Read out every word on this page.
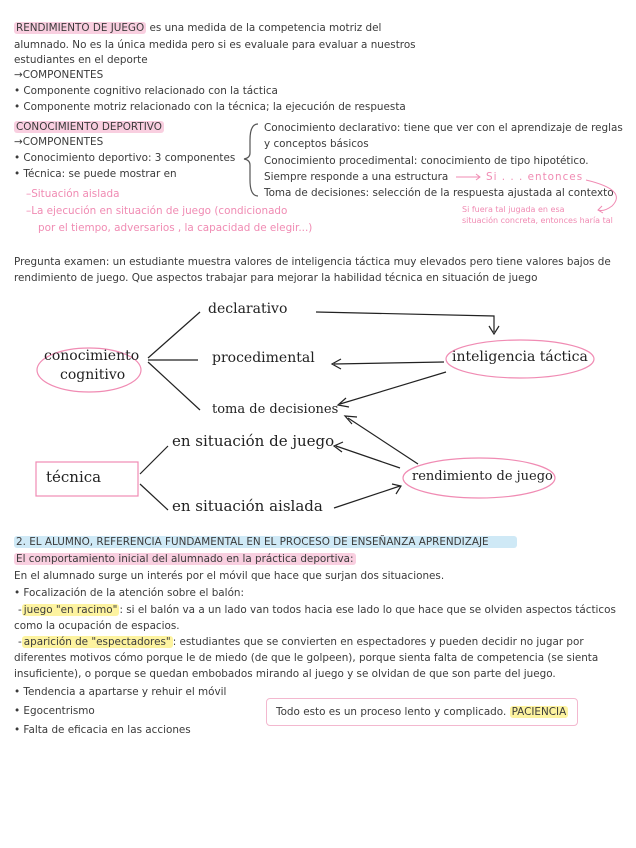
RENDIMIENTO DE JUEGO es una medida de la competencia motriz del
alumnado. No es la única medida pero si es evaluale para evaluar a nuestros
estudiantes en el deporte
→COMPONENTES
• Componente cognitivo relacionado con la táctica
• Componente motriz relacionado con la técnica; la ejecución de respuesta
CONOCIMIENTO DEPORTIVO
→COMPONENTES
• Conocimiento deportivo: 3 componentes
• Técnica: se puede mostrar en
Conocimiento declarativo: tiene que ver con el aprendizaje de reglas
y conceptos básicos
Conocimiento procedimental: conocimiento de tipo hipotético.
Siempre responde a una estructura	Si . . . entonces
Toma de decisiones: selección de la respuesta ajustada al contexto
Si fuera tal jugada en esa
situación concreta, entonces haría tal
–Situación aislada
–La ejecución en situación de juego (condicionado
por el tiempo, adversarios , la capacidad de elegir...)
Pregunta examen: un estudiante muestra valores de inteligencia táctica muy elevados pero tiene valores bajos de
rendimiento de juego. Que aspectos trabajar para mejorar la habilidad técnica en situación de juego
conocimiento
cognitivo
declarativo
procedimental
toma de decisiones
inteligencia táctica
técnica
en situación de juego
en situación aislada
rendimiento de juego
2. EL ALUMNO, REFERENCIA FUNDAMENTAL EN EL PROCESO DE ENSEÑANZA APRENDIZAJE
El comportamiento inicial del alumnado en la práctica deportiva:
En el alumnado surge un interés por el móvil que hace que surjan dos situaciones.
• Focalización de la atención sobre el balón:
- juego "en racimo" : si el balón va a un lado van todos hacia ese lado lo que hace que se olviden aspectos tácticos
como la ocupación de espacios.
- aparición de "espectadores" : estudiantes que se convierten en espectadores y pueden decidir no jugar por
diferentes motivos cómo porque le de miedo (de que le golpeen), porque sienta falta de competencia (se sienta
insuficiente), o porque se quedan embobados mirando al juego y se olvidan de que son parte del juego.
• Tendencia a apartarse y rehuir el móvil
• Egocentrismo
• Falta de eficacia en las acciones
Todo esto es un proceso lento y complicado. PACIENCIA
